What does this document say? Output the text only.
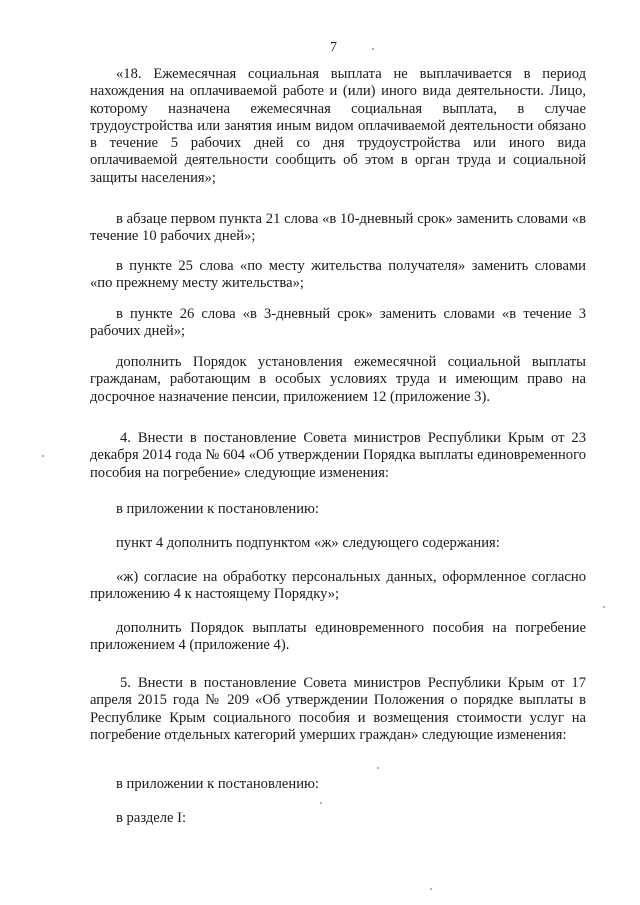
7

«18. Ежемесячная социальная выплата не выплачивается в период нахождения на оплачиваемой работе и (или) иного вида деятельности. Лицо, которому назначена ежемесячная социальная выплата, в случае трудоустройства или занятия иным видом оплачиваемой деятельности обязано в течение 5 рабочих дней со дня трудоустройства или иного вида оплачиваемой деятельности сообщить об этом в орган труда и социальной защиты населения»;

в абзаце первом пункта 21 слова «в 10-дневный срок» заменить словами «в течение 10 рабочих дней»;

в пункте 25 слова «по месту жительства получателя» заменить словами «по прежнему месту жительства»;

в пункте 26 слова «в 3-дневный срок» заменить словами «в течение 3 рабочих дней»;

дополнить Порядок установления ежемесячной социальной выплаты гражданам, работающим в особых условиях труда и имеющим право на досрочное назначение пенсии, приложением 12 (приложение 3).

4. Внести в постановление Совета министров Республики Крым от 23 декабря 2014 года № 604 «Об утверждении Порядка выплаты единовременного пособия на погребение» следующие изменения:

в приложении к постановлению:

пункт 4 дополнить подпунктом «ж» следующего содержания:

«ж) согласие на обработку персональных данных, оформленное согласно приложению 4 к настоящему Порядку»;

дополнить Порядок выплаты единовременного пособия на погребение приложением 4 (приложение 4).

5. Внести в постановление Совета министров Республики Крым от 17 апреля 2015 года № 209 «Об утверждении Положения о порядке выплаты в Республике Крым социального пособия и возмещения стоимости услуг на погребение отдельных категорий умерших граждан» следующие изменения:

в приложении к постановлению:

в разделе I:
